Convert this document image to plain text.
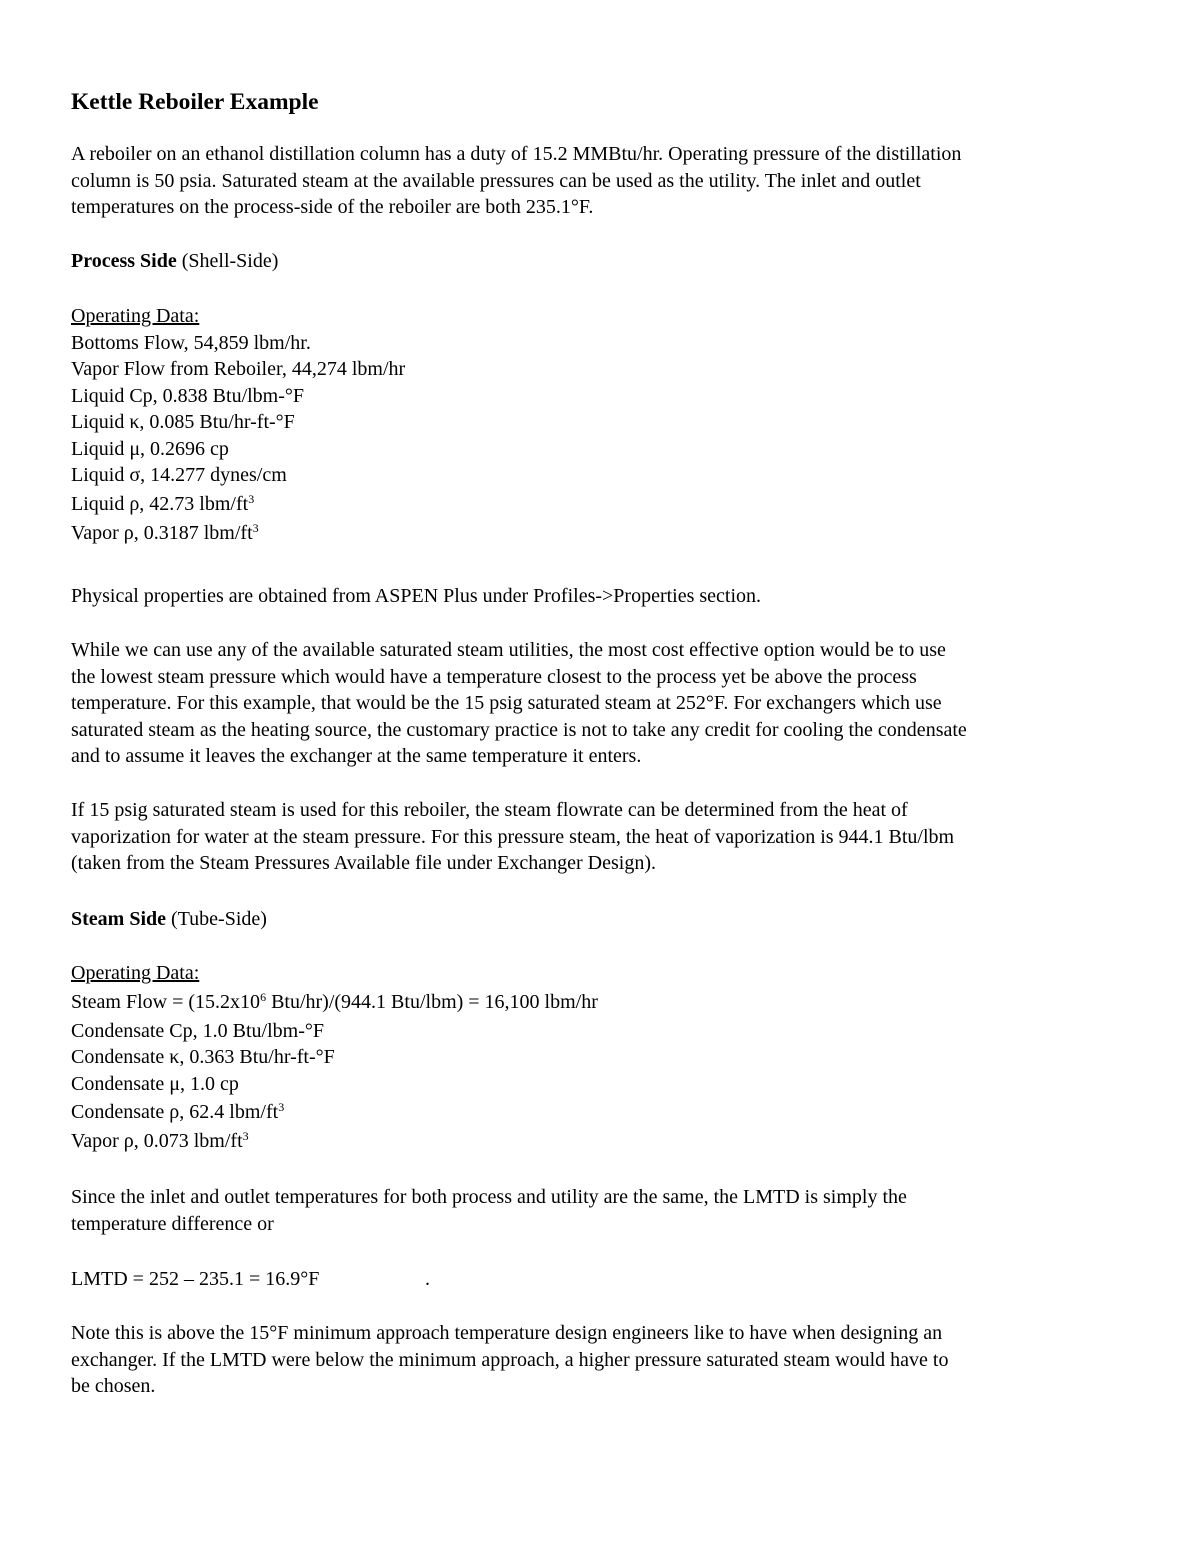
Kettle Reboiler Example
A reboiler on an ethanol distillation column has a duty of 15.2 MMBtu/hr. Operating pressure of the distillation
column is 50 psia. Saturated steam at the available pressures can be used as the utility. The inlet and outlet
temperatures on the process-side of the reboiler are both 235.1°F.
Process Side (Shell-Side)
Operating Data:
Bottoms Flow, 54,859 lbm/hr.
Vapor Flow from Reboiler, 44,274 lbm/hr
Liquid Cp, 0.838 Btu/lbm-°F
Liquid κ, 0.085 Btu/hr-ft-°F
Liquid μ, 0.2696 cp
Liquid σ, 14.277 dynes/cm
Liquid ρ, 42.73 lbm/$ft^3$
Vapor ρ, 0.3187 lbm/$ft^3$
Physical properties are obtained from ASPEN Plus under Profiles->Properties section.
While we can use any of the available saturated steam utilities, the most cost effective option would be to use
the lowest steam pressure which would have a temperature closest to the process yet be above the process
temperature. For this example, that would be the 15 psig saturated steam at 252°F. For exchangers which use
saturated steam as the heating source, the customary practice is not to take any credit for cooling the condensate
and to assume it leaves the exchanger at the same temperature it enters.
If 15 psig saturated steam is used for this reboiler, the steam flowrate can be determined from the heat of
vaporization for water at the steam pressure. For this pressure steam, the heat of vaporization is 944.1 Btu/lbm
(taken from the Steam Pressures Available file under Exchanger Design).
Steam Side (Tube-Side)
Operating Data:
Steam Flow = ($15.2x10^6$ Btu/hr)/(944.1 Btu/lbm) = 16,100 lbm/hr
Condensate Cp, 1.0 Btu/lbm-°F
Condensate κ, 0.363 Btu/hr-ft-°F
Condensate μ, 1.0 cp
Condensate ρ, 62.4 lbm/$ft^3$
Vapor ρ, 0.073 lbm/$ft^3$
Since the inlet and outlet temperatures for both process and utility are the same, the LMTD is simply the
temperature difference or
LMTD = 252 – 235.1 = 16.9°F	.
Note this is above the 15°F minimum approach temperature design engineers like to have when designing an
exchanger. If the LMTD were below the minimum approach, a higher pressure saturated steam would have to
be chosen.
